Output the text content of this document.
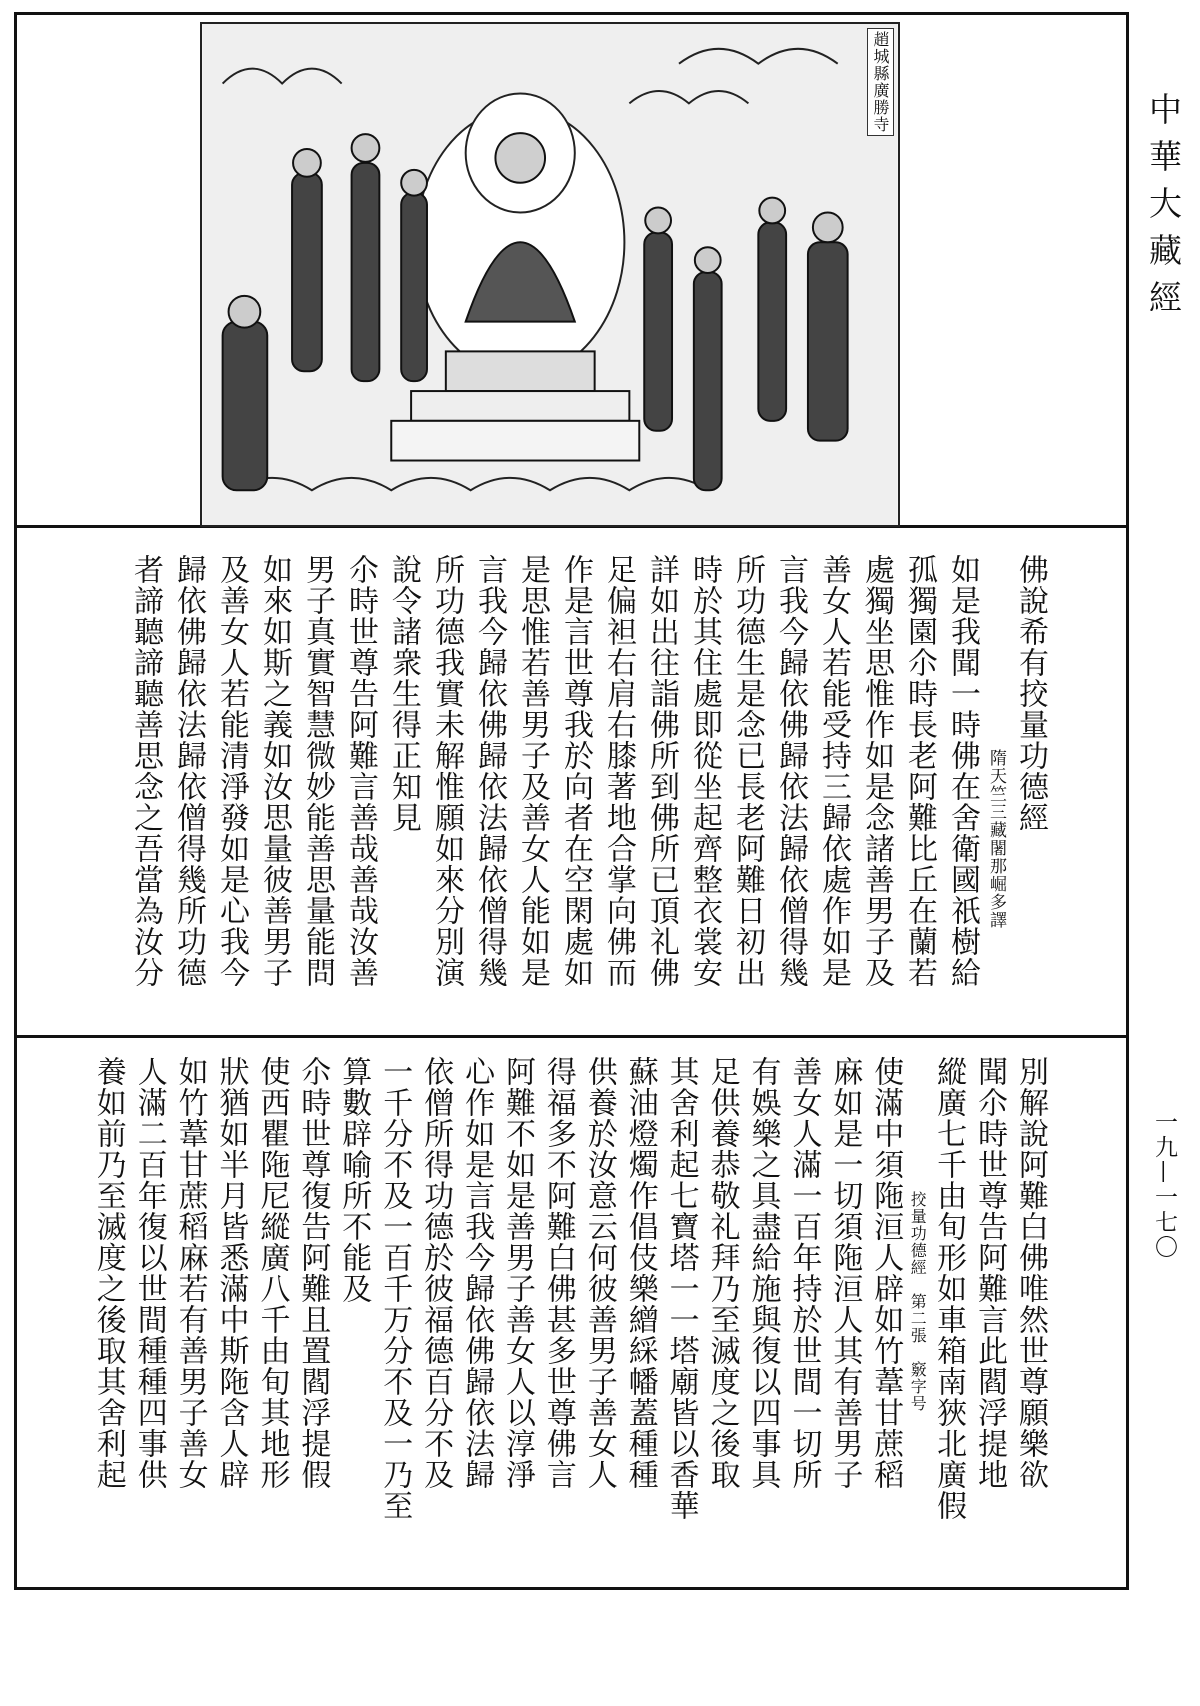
趙城縣廣勝寺
中華大藏經
一九—一七〇
佛說希有挍量功德經
隋天竺三藏闍那崛多譯
如是我聞一時佛在舍衛國祇樹給
孤獨園尒時長老阿難比丘在蘭若
處獨坐思惟作如是念諸善男子及
善女人若能受持三歸依處作如是
言我今歸依佛歸依法歸依僧得幾
所功德生是念已長老阿難日初出
時於其住處即從坐起齊整衣裳安
詳如出往詣佛所到佛所已頂礼佛
足偏袒右肩右膝著地合掌向佛而
作是言世尊我於向者在空閑處如
是思惟若善男子及善女人能如是
言我今歸依佛歸依法歸依僧得幾
所功德我實未解惟願如來分別演
說令諸衆生得正知見
尒時世尊告阿難言善哉善哉汝善
男子真實智慧微妙能善思量能問
如來如斯之義如汝思量彼善男子
及善女人若能清淨發如是心我今
歸依佛歸依法歸依僧得幾所功德
者諦聽諦聽善思念之吾當為汝分
別解說阿難白佛唯然世尊願樂欲
聞尒時世尊告阿難言此閻浮提地
縱廣七千由旬形如車箱南狹北廣假
挍量功德經　第二張　竅字号
使滿中須陁洹人辟如竹葦甘蔗稻
麻如是一切須陁洹人其有善男子
善女人滿一百年持於世間一切所
有娛樂之具盡給施與復以四事具
足供養恭敬礼拜乃至滅度之後取
其舍利起七寶塔一一塔廟皆以香華
蘇油燈燭作倡伎樂繒綵幡蓋種種
供養於汝意云何彼善男子善女人
得福多不阿難白佛甚多世尊佛言
阿難不如是善男子善女人以淳淨
心作如是言我今歸依佛歸依法歸
依僧所得功德於彼福德百分不及
一千分不及一百千万分不及一乃至
算數辟喻所不能及
尒時世尊復告阿難且置閻浮提假
使西瞿陁尼縱廣八千由旬其地形
狀猶如半月皆悉滿中斯陁含人辟
如竹葦甘蔗稻麻若有善男子善女
人滿二百年復以世間種種四事供
養如前乃至滅度之後取其舍利起
